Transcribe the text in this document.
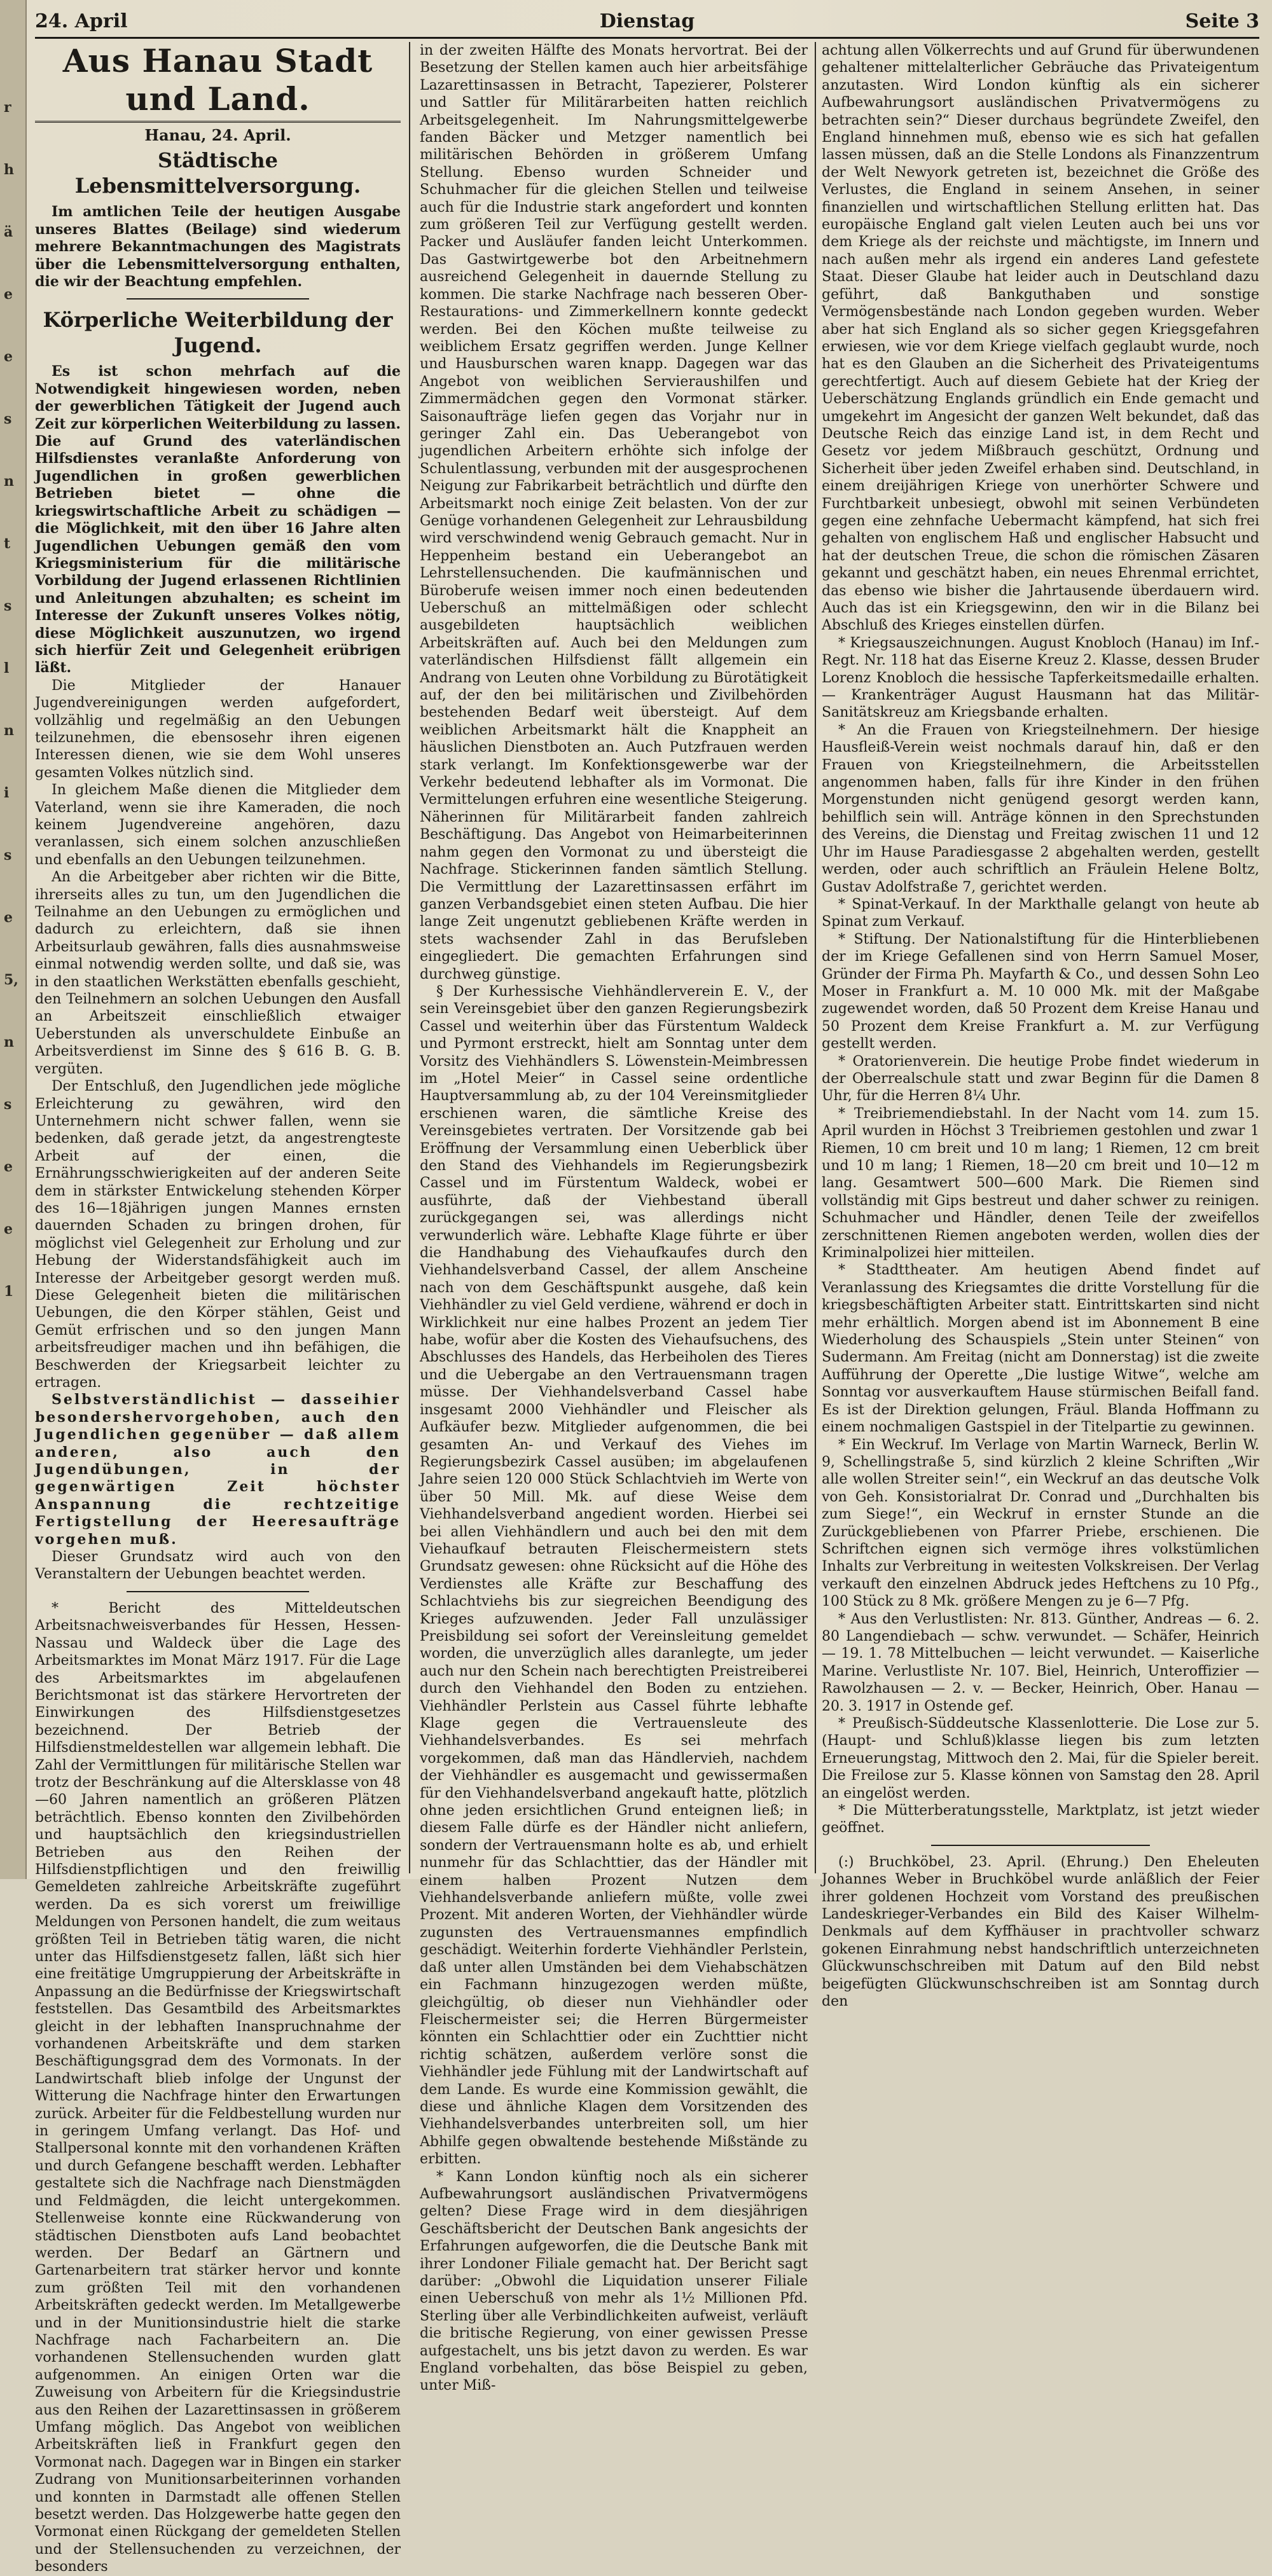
r
h
ä
e
e
s
n
t
s
l
n
i
s
e
5,
n
s
e
e
1
24. April	Dienstag	Seite 3
Aus Hanau Stadt und Land.
Hanau, 24. April.
Städtische Lebensmittelversorgung.

Im amtlichen Teile der heutigen Ausgabe unseres Blattes (Beilage) sind wiederum mehrere Bekanntmachungen des Magistrats über die Lebensmittelversorgung enthalten, die wir der Beachtung empfehlen.

Körperliche Weiterbildung der Jugend.

Es ist schon mehrfach auf die Notwendigkeit hingewiesen worden, neben der gewerblichen Tätigkeit der Jugend auch Zeit zur körperlichen Weiterbildung zu lassen. Die auf Grund des vaterländischen Hilfsdienstes veranlaßte Anforderung von Jugendlichen in großen gewerblichen Betrieben bietet — ohne die kriegswirtschaftliche Arbeit zu schädigen — die Möglichkeit, mit den über 16 Jahre alten Jugendlichen Uebungen gemäß den vom Kriegsministerium für die militärische Vorbildung der Jugend erlassenen Richtlinien und Anleitungen abzuhalten; es scheint im Interesse der Zukunft unseres Volkes nötig, diese Möglichkeit auszunutzen, wo irgend sich hierfür Zeit und Gelegenheit erübrigen läßt.

Die Mitglieder der Hanauer Jugendvereinigungen werden aufgefordert, vollzählig und regelmäßig an den Uebungen teilzunehmen, die ebensosehr ihren eigenen Interessen dienen, wie sie dem Wohl unseres gesamten Volkes nützlich sind.

In gleichem Maße dienen die Mitglieder dem Vaterland, wenn sie ihre Kameraden, die noch keinem Jugendvereine angehören, dazu veranlassen, sich einem solchen anzuschließen und ebenfalls an den Uebungen teilzunehmen.

An die Arbeitgeber aber richten wir die Bitte, ihrerseits alles zu tun, um den Jugendlichen die Teilnahme an den Uebungen zu ermöglichen und dadurch zu erleichtern, daß sie ihnen Arbeitsurlaub gewähren, falls dies ausnahmsweise einmal notwendig werden sollte, und daß sie, was in den staatlichen Werkstätten ebenfalls geschieht, den Teilnehmern an solchen Uebungen den Ausfall an Arbeitszeit einschließlich etwaiger Ueberstunden als unverschuldete Einbuße an Arbeitsverdienst im Sinne des § 616 B. G. B. vergüten.

Der Entschluß, den Jugendlichen jede mögliche Erleichterung zu gewähren, wird den Unternehmern nicht schwer fallen, wenn sie bedenken, daß gerade jetzt, da angestrengteste Arbeit auf der einen, die Ernährungsschwierigkeiten auf der anderen Seite dem in stärkster Entwickelung stehenden Körper des 16—18jährigen jungen Mannes ernsten dauernden Schaden zu bringen drohen, für möglichst viel Gelegenheit zur Erholung und zur Hebung der Widerstandsfähigkeit auch im Interesse der Arbeitgeber gesorgt werden muß. Diese Gelegenheit bieten die militärischen Uebungen, die den Körper stählen, Geist und Gemüt erfrischen und so den jungen Mann arbeitsfreudiger machen und ihn befähigen, die Beschwerden der Kriegsarbeit leichter zu ertragen.

Selbstverständlichist — dasseihier besondershervorgehoben, auch den Jugendlichen gegenüber — daß allem anderen, also auch den Jugendübungen, in der gegenwärtigen Zeit höchster Anspannung die rechtzeitige Fertigstellung der Heeresaufträge vorgehen muß.

Dieser Grundsatz wird auch von den Veranstaltern der Uebungen beachtet werden.

* Bericht des Mitteldeutschen Arbeitsnachweisverbandes für Hessen, Hessen-Nassau und Waldeck über die Lage des Arbeitsmarktes im Monat März 1917. Für die Lage des Arbeitsmarktes im abgelaufenen Berichtsmonat ist das stärkere Hervortreten der Einwirkungen des Hilfsdienstgesetzes bezeichnend. Der Betrieb der Hilfsdienstmeldestellen war allgemein lebhaft. Die Zahl der Vermittlungen für militärische Stellen war trotz der Beschränkung auf die Altersklasse von 48—60 Jahren namentlich an größeren Plätzen beträchtlich. Ebenso konnten den Zivilbehörden und hauptsächlich den kriegsindustriellen Betrieben aus den Reihen der Hilfsdienstpflichtigen und den freiwillig Gemeldeten zahlreiche Arbeitskräfte zugeführt werden. Da es sich vorerst um freiwillige Meldungen von Personen handelt, die zum weitaus größten Teil in Betrieben tätig waren, die nicht unter das Hilfsdienstgesetz fallen, läßt sich hier eine freitätige Umgruppierung der Arbeitskräfte in Anpassung an die Bedürfnisse der Kriegswirtschaft feststellen. Das Gesamtbild des Arbeitsmarktes gleicht in der lebhaften Inanspruchnahme der vorhandenen Arbeitskräfte und dem starken Beschäftigungsgrad dem des Vormonats. In der Landwirtschaft blieb infolge der Ungunst der Witterung die Nachfrage hinter den Erwartungen zurück. Arbeiter für die Feldbestellung wurden nur in geringem Umfang verlangt. Das Hof- und Stallpersonal konnte mit den vorhandenen Kräften und durch Gefangene beschafft werden. Lebhafter gestaltete sich die Nachfrage nach Dienstmägden und Feldmägden, die leicht untergekommen. Stellenweise konnte eine Rückwanderung von städtischen Dienstboten aufs Land beobachtet werden. Der Bedarf an Gärtnern und Gartenarbeitern trat stärker hervor und konnte zum größten Teil mit den vorhandenen Arbeitskräften gedeckt werden. Im Metallgewerbe und in der Munitionsindustrie hielt die starke Nachfrage nach Facharbeitern an. Die vorhandenen Stellensuchenden wurden glatt aufgenommen. An einigen Orten war die Zuweisung von Arbeitern für die Kriegsindustrie aus den Reihen der Lazarettinsassen in größerem Umfang möglich. Das Angebot von weiblichen Arbeitskräften ließ in Frankfurt gegen den Vormonat nach. Dagegen war in Bingen ein starker Zudrang von Munitionsarbeiterinnen vorhanden und konnten in Darmstadt alle offenen Stellen besetzt werden. Das Holzgewerbe hatte gegen den Vormonat einen Rückgang der gemeldeten Stellen und der Stellensuchenden zu verzeichnen, der besonders

in der zweiten Hälfte des Monats hervortrat. Bei der Besetzung der Stellen kamen auch hier arbeitsfähige Lazarettinsassen in Betracht, Tapezierer, Polsterer und Sattler für Militärarbeiten hatten reichlich Arbeitsgelegenheit. Im Nahrungsmittelgewerbe fanden Bäcker und Metzger namentlich bei militärischen Behörden in größerem Umfang Stellung. Ebenso wurden Schneider und Schuhmacher für die gleichen Stellen und teilweise auch für die Industrie stark angefordert und konnten zum größeren Teil zur Verfügung gestellt werden. Packer und Ausläufer fanden leicht Unterkommen. Das Gastwirtgewerbe bot den Arbeitnehmern ausreichend Gelegenheit in dauernde Stellung zu kommen. Die starke Nachfrage nach besseren Ober-Restaurations- und Zimmerkellnern konnte gedeckt werden. Bei den Köchen mußte teilweise zu weiblichem Ersatz gegriffen werden. Junge Kellner und Hausburschen waren knapp. Dagegen war das Angebot von weiblichen Servieraushilfen und Zimmermädchen gegen den Vormonat stärker. Saisonaufträge liefen gegen das Vorjahr nur in geringer Zahl ein. Das Ueberangebot von jugendlichen Arbeitern erhöhte sich infolge der Schulentlassung, verbunden mit der ausgesprochenen Neigung zur Fabrikarbeit beträchtlich und dürfte den Arbeitsmarkt noch einige Zeit belasten. Von der zur Genüge vorhandenen Gelegenheit zur Lehrausbildung wird verschwindend wenig Gebrauch gemacht. Nur in Heppenheim bestand ein Ueberangebot an Lehrstellensuchenden. Die kaufmännischen und Büroberufe weisen immer noch einen bedeutenden Ueberschuß an mittelmäßigen oder schlecht ausgebildeten hauptsächlich weiblichen Arbeitskräften auf. Auch bei den Meldungen zum vaterländischen Hilfsdienst fällt allgemein ein Andrang von Leuten ohne Vorbildung zu Bürotätigkeit auf, der den bei militärischen und Zivilbehörden bestehenden Bedarf weit übersteigt. Auf dem weiblichen Arbeitsmarkt hält die Knappheit an häuslichen Dienstboten an. Auch Putzfrauen werden stark verlangt. Im Konfektionsgewerbe war der Verkehr bedeutend lebhafter als im Vormonat. Die Vermittelungen erfuhren eine wesentliche Steigerung. Näherinnen für Militärarbeit fanden zahlreich Beschäftigung. Das Angebot von Heimarbeiterinnen nahm gegen den Vormonat zu und übersteigt die Nachfrage. Stickerinnen fanden sämtlich Stellung. Die Vermittlung der Lazarettinsassen erfährt im ganzen Verbandsgebiet einen steten Aufbau. Die hier lange Zeit ungenutzt gebliebenen Kräfte werden in stets wachsender Zahl in das Berufsleben eingegliedert. Die gemachten Erfahrungen sind durchweg günstige.

§ Der Kurhessische Viehhändlerverein E. V., der sein Vereinsgebiet über den ganzen Regierungsbezirk Cassel und weiterhin über das Fürstentum Waldeck und Pyrmont erstreckt, hielt am Sonntag unter dem Vorsitz des Viehhändlers S. Löwenstein-Meimbressen im „Hotel Meier“ in Cassel seine ordentliche Hauptversammlung ab, zu der 104 Vereinsmitglieder erschienen waren, die sämtliche Kreise des Vereinsgebietes vertraten. Der Vorsitzende gab bei Eröffnung der Versammlung einen Ueberblick über den Stand des Viehhandels im Regierungsbezirk Cassel und im Fürstentum Waldeck, wobei er ausführte, daß der Viehbestand überall zurückgegangen sei, was allerdings nicht verwunderlich wäre. Lebhafte Klage führte er über die Handhabung des Viehaufkaufes durch den Viehhandelsverband Cassel, der allem Anscheine nach von dem Geschäftspunkt ausgehe, daß kein Viehhändler zu viel Geld verdiene, während er doch in Wirklichkeit nur eine halbes Prozent an jedem Tier habe, wofür aber die Kosten des Viehaufsuchens, des Abschlusses des Handels, das Herbeiholen des Tieres und die Uebergabe an den Vertrauensmann tragen müsse. Der Viehhandelsverband Cassel habe insgesamt 2000 Viehhändler und Fleischer als Aufkäufer bezw. Mitglieder aufgenommen, die bei gesamten An- und Verkauf des Viehes im Regierungsbezirk Cassel ausüben; im abgelaufenen Jahre seien 120 000 Stück Schlachtvieh im Werte von über 50 Mill. Mk. auf diese Weise dem Viehhandelsverband angedient worden. Hierbei sei bei allen Viehhändlern und auch bei den mit dem Viehaufkauf betrauten Fleischermeistern stets Grundsatz gewesen: ohne Rücksicht auf die Höhe des Verdienstes alle Kräfte zur Beschaffung des Schlachtviehs bis zur siegreichen Beendigung des Krieges aufzuwenden. Jeder Fall unzulässiger Preisbildung sei sofort der Vereinsleitung gemeldet worden, die unverzüglich alles daranlegte, um jeder auch nur den Schein nach berechtigten Preistreiberei durch den Viehhandel den Boden zu entziehen. Viehhändler Perlstein aus Cassel führte lebhafte Klage gegen die Vertrauensleute des Viehhandelsverbandes. Es sei mehrfach vorgekommen, daß man das Händlervieh, nachdem der Viehhändler es ausgemacht und gewissermaßen für den Viehhandelsverband angekauft hatte, plötzlich ohne jeden ersichtlichen Grund enteignen ließ; in diesem Falle dürfe es der Händler nicht anliefern, sondern der Vertrauensmann holte es ab, und erhielt nunmehr für das Schlachttier, das der Händler mit einem halben Prozent Nutzen dem Viehhandelsverbande anliefern müßte, volle zwei Prozent. Mit anderen Worten, der Viehhändler würde zugunsten des Vertrauensmannes empfindlich geschädigt. Weiterhin forderte Viehhändler Perlstein, daß unter allen Umständen bei dem Viehabschätzen ein Fachmann hinzugezogen werden müßte, gleichgültig, ob dieser nun Viehhändler oder Fleischermeister sei; die Herren Bürgermeister könnten ein Schlachttier oder ein Zuchttier nicht richtig schätzen, außerdem verlöre sonst die Viehhändler jede Fühlung mit der Landwirtschaft auf dem Lande. Es wurde eine Kommission gewählt, die diese und ähnliche Klagen dem Vorsitzenden des Viehhandelsverbandes unterbreiten soll, um hier Abhilfe gegen obwaltende bestehende Mißstände zu erbitten.

* Kann London künftig noch als ein sicherer Aufbewahrungsort ausländischen Privatvermögens gelten? Diese Frage wird in dem diesjährigen Geschäftsbericht der Deutschen Bank angesichts der Erfahrungen aufgeworfen, die die Deutsche Bank mit ihrer Londoner Filiale gemacht hat. Der Bericht sagt darüber: „Obwohl die Liquidation unserer Filiale einen Ueberschuß von mehr als 1½ Millionen Pfd. Sterling über alle Verbindlichkeiten aufweist, verläuft die britische Regierung, von einer gewissen Presse aufgestachelt, uns bis jetzt davon zu werden. Es war England vorbehalten, das böse Beispiel zu geben, unter Miß-

achtung allen Völkerrechts und auf Grund für überwundenen gehaltener mittelalterlicher Gebräuche das Privateigentum anzutasten. Wird London künftig als ein sicherer Aufbewahrungsort ausländischen Privatvermögens zu betrachten sein?“ Dieser durchaus begründete Zweifel, den England hinnehmen muß, ebenso wie es sich hat gefallen lassen müssen, daß an die Stelle Londons als Finanzzentrum der Welt Newyork getreten ist, bezeichnet die Größe des Verlustes, die England in seinem Ansehen, in seiner finanziellen und wirtschaftlichen Stellung erlitten hat. Das europäische England galt vielen Leuten auch bei uns vor dem Kriege als der reichste und mächtigste, im Innern und nach außen mehr als irgend ein anderes Land gefestete Staat. Dieser Glaube hat leider auch in Deutschland dazu geführt, daß Bankguthaben und sonstige Vermögensbestände nach London gegeben wurden. Weber aber hat sich England als so sicher gegen Kriegsgefahren erwiesen, wie vor dem Kriege vielfach geglaubt wurde, noch hat es den Glauben an die Sicherheit des Privateigentums gerechtfertigt. Auch auf diesem Gebiete hat der Krieg der Ueberschätzung Englands gründlich ein Ende gemacht und umgekehrt im Angesicht der ganzen Welt bekundet, daß das Deutsche Reich das einzige Land ist, in dem Recht und Gesetz vor jedem Mißbrauch geschützt, Ordnung und Sicherheit über jeden Zweifel erhaben sind. Deutschland, in einem dreijährigen Kriege von unerhörter Schwere und Furchtbarkeit unbesiegt, obwohl mit seinen Verbündeten gegen eine zehnfache Uebermacht kämpfend, hat sich frei gehalten von englischem Haß und englischer Habsucht und hat der deutschen Treue, die schon die römischen Zäsaren gekannt und geschätzt haben, ein neues Ehrenmal errichtet, das ebenso wie bisher die Jahrtausende überdauern wird. Auch das ist ein Kriegsgewinn, den wir in die Bilanz bei Abschluß des Krieges einstellen dürfen.

* Kriegsauszeichnungen. August Knobloch (Hanau) im Inf.-Regt. Nr. 118 hat das Eiserne Kreuz 2. Klasse, dessen Bruder Lorenz Knobloch die hessische Tapferkeitsmedaille erhalten. — Krankenträger August Hausmann hat das Militär-Sanitätskreuz am Kriegsbande erhalten.

* An die Frauen von Kriegsteilnehmern. Der hiesige Hausfleiß-Verein weist nochmals darauf hin, daß er den Frauen von Kriegsteilnehmern, die Arbeitsstellen angenommen haben, falls für ihre Kinder in den frühen Morgenstunden nicht genügend gesorgt werden kann, behilflich sein will. Anträge können in den Sprechstunden des Vereins, die Dienstag und Freitag zwischen 11 und 12 Uhr im Hause Paradiesgasse 2 abgehalten werden, gestellt werden, oder auch schriftlich an Fräulein Helene Boltz, Gustav Adolfstraße 7, gerichtet werden.

* Spinat-Verkauf. In der Markthalle gelangt von heute ab Spinat zum Verkauf.

* Stiftung. Der Nationalstiftung für die Hinterbliebenen der im Kriege Gefallenen sind von Herrn Samuel Moser, Gründer der Firma Ph. Mayfarth & Co., und dessen Sohn Leo Moser in Frankfurt a. M. 10 000 Mk. mit der Maßgabe zugewendet worden, daß 50 Prozent dem Kreise Hanau und 50 Prozent dem Kreise Frankfurt a. M. zur Verfügung gestellt werden.

* Oratorienverein. Die heutige Probe findet wiederum in der Oberrealschule statt und zwar Beginn für die Damen 8 Uhr, für die Herren 8¼ Uhr.

* Treibriemendiebstahl. In der Nacht vom 14. zum 15. April wurden in Höchst 3 Treibriemen gestohlen und zwar 1 Riemen, 10 cm breit und 10 m lang; 1 Riemen, 12 cm breit und 10 m lang; 1 Riemen, 18—20 cm breit und 10—12 m lang. Gesamtwert 500—600 Mark. Die Riemen sind vollständig mit Gips bestreut und daher schwer zu reinigen. Schuhmacher und Händler, denen Teile der zweifellos zerschnittenen Riemen angeboten werden, wollen dies der Kriminalpolizei hier mitteilen.

* Stadttheater. Am heutigen Abend findet auf Veranlassung des Kriegsamtes die dritte Vorstellung für die kriegsbeschäftigten Arbeiter statt. Eintrittskarten sind nicht mehr erhältlich. Morgen abend ist im Abonnement B eine Wiederholung des Schauspiels „Stein unter Steinen“ von Sudermann. Am Freitag (nicht am Donnerstag) ist die zweite Aufführung der Operette „Die lustige Witwe“, welche am Sonntag vor ausverkauftem Hause stürmischen Beifall fand. Es ist der Direktion gelungen, Fräul. Blanda Hoffmann zu einem nochmaligen Gastspiel in der Titelpartie zu gewinnen.

* Ein Weckruf. Im Verlage von Martin Warneck, Berlin W. 9, Schellingstraße 5, sind kürzlich 2 kleine Schriften „Wir alle wollen Streiter sein!“, ein Weckruf an das deutsche Volk von Geh. Konsistorialrat Dr. Conrad und „Durchhalten bis zum Siege!“, ein Weckruf in ernster Stunde an die Zurückgebliebenen von Pfarrer Priebe, erschienen. Die Schriftchen eignen sich vermöge ihres volkstümlichen Inhalts zur Verbreitung in weitesten Volkskreisen. Der Verlag verkauft den einzelnen Abdruck jedes Heftchens zu 10 Pfg., 100 Stück zu 8 Mk. größere Mengen zu je 6—7 Pfg.

* Aus den Verlustlisten: Nr. 813. Günther, Andreas — 6. 2. 80 Langendiebach — schw. verwundet. — Schäfer, Heinrich — 19. 1. 78 Mittelbuchen — leicht verwundet. — Kaiserliche Marine. Verlustliste Nr. 107. Biel, Heinrich, Unteroffizier — Rawolzhausen — 2. v. — Becker, Heinrich, Ober. Hanau — 20. 3. 1917 in Ostende gef.

* Preußisch-Süddeutsche Klassenlotterie. Die Lose zur 5. (Haupt- und Schluß)klasse liegen bis zum letzten Erneuerungstag, Mittwoch den 2. Mai, für die Spieler bereit. Die Freilose zur 5. Klasse können von Samstag den 28. April an eingelöst werden.

* Die Mütterberatungsstelle, Marktplatz, ist jetzt wieder geöffnet.

(:) Bruchköbel, 23. April. (Ehrung.) Den Eheleuten Johannes Weber in Bruchköbel wurde anläßlich der Feier ihrer goldenen Hochzeit vom Vorstand des preußischen Landeskrieger-Verbandes ein Bild des Kaiser Wilhelm-Denkmals auf dem Kyffhäuser in prachtvoller schwarz gokenen Einrahmung nebst handschriftlich unterzeichneten Glückwunschschreiben mit Datum auf den Bild nebst beigefügten Glückwunschschreiben ist am Sonntag durch den
